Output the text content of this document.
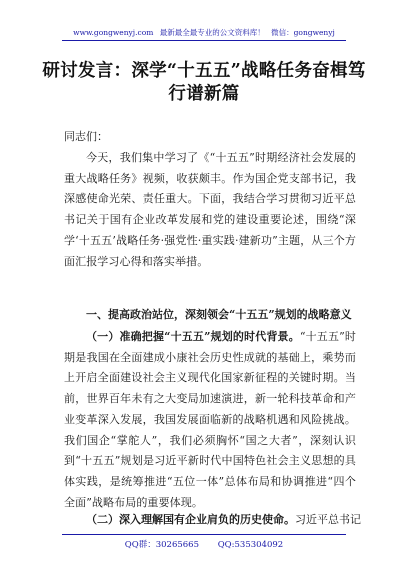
www.gongwenyj.com 最新最全最专业的公文资料库！ 微信：gongwenyj
研讨发言：深学“十五五”战略任务奋楫笃行谱新篇
同志们：
今天，我们集中学习了《“十五五”时期经济社会发展的重大战略任务》视频，收获颇丰。作为国企党支部书记，我深感使命光荣、责任重大。下面，我结合学习贯彻习近平总书记关于国有企业改革发展和党的建设重要论述，围绕“深学‘十五五’战略任务·强党性·重实践·建新功”主题，从三个方面汇报学习心得和落实举措。
一、提高政治站位，深刻领会“十五五”规划的战略意义
（一）准确把握“十五五”规划的时代背景。“十五五”时期是我国在全面建成小康社会历史性成就的基础上，乘势而上开启全面建设社会主义现代化国家新征程的关键时期。当前，世界百年未有之大变局加速演进，新一轮科技革命和产业变革深入发展，我国发展面临新的战略机遇和风险挑战。我们国企“掌舵人”，我们必须胸怀“国之大者”，深刻认识到“十五五”规划是习近平新时代中国特色社会主义思想的具体实践，是统筹推进“五位一体”总体布局和协调推进“四个全面”战略布局的重要体现。
（二）深入理解国有企业肩负的历史使命。习近平总书记
QQ群：30265665 QQ:535304092
